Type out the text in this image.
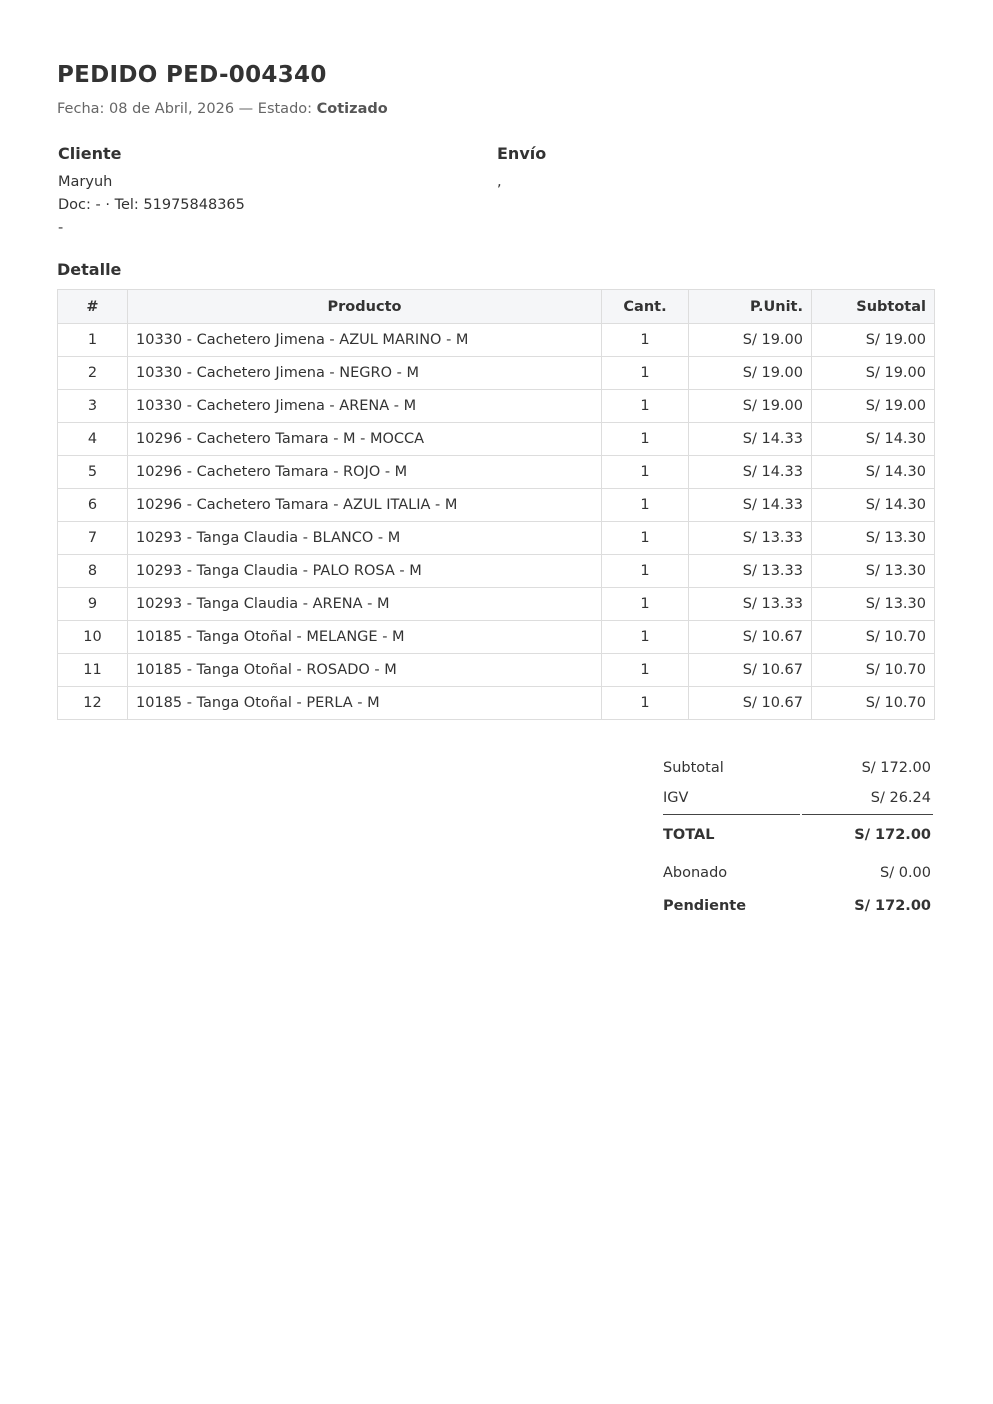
PEDIDO PED-004340
Fecha: 08 de Abril, 2026 — Estado: Cotizado
Cliente
Maryuh
Doc: - · Tel: 51975848365
-
Envío
,
Detalle
#	Producto	Cant.	P.Unit.	Subtotal
1	10330 - Cachetero Jimena - AZUL MARINO - M	1	S/ 19.00	S/ 19.00
2	10330 - Cachetero Jimena - NEGRO - M	1	S/ 19.00	S/ 19.00
3	10330 - Cachetero Jimena - ARENA - M	1	S/ 19.00	S/ 19.00
4	10296 - Cachetero Tamara - M - MOCCA	1	S/ 14.33	S/ 14.30
5	10296 - Cachetero Tamara - ROJO - M	1	S/ 14.33	S/ 14.30
6	10296 - Cachetero Tamara - AZUL ITALIA - M	1	S/ 14.33	S/ 14.30
7	10293 - Tanga Claudia - BLANCO - M	1	S/ 13.33	S/ 13.30
8	10293 - Tanga Claudia - PALO ROSA - M	1	S/ 13.33	S/ 13.30
9	10293 - Tanga Claudia - ARENA - M	1	S/ 13.33	S/ 13.30
10	10185 - Tanga Otoñal - MELANGE - M	1	S/ 10.67	S/ 10.70
11	10185 - Tanga Otoñal - ROSADO - M	1	S/ 10.67	S/ 10.70
12	10185 - Tanga Otoñal - PERLA - M	1	S/ 10.67	S/ 10.70
Subtotal	S/ 172.00
IGV	S/ 26.24
TOTAL	S/ 172.00
Abonado	S/ 0.00
Pendiente	S/ 172.00
